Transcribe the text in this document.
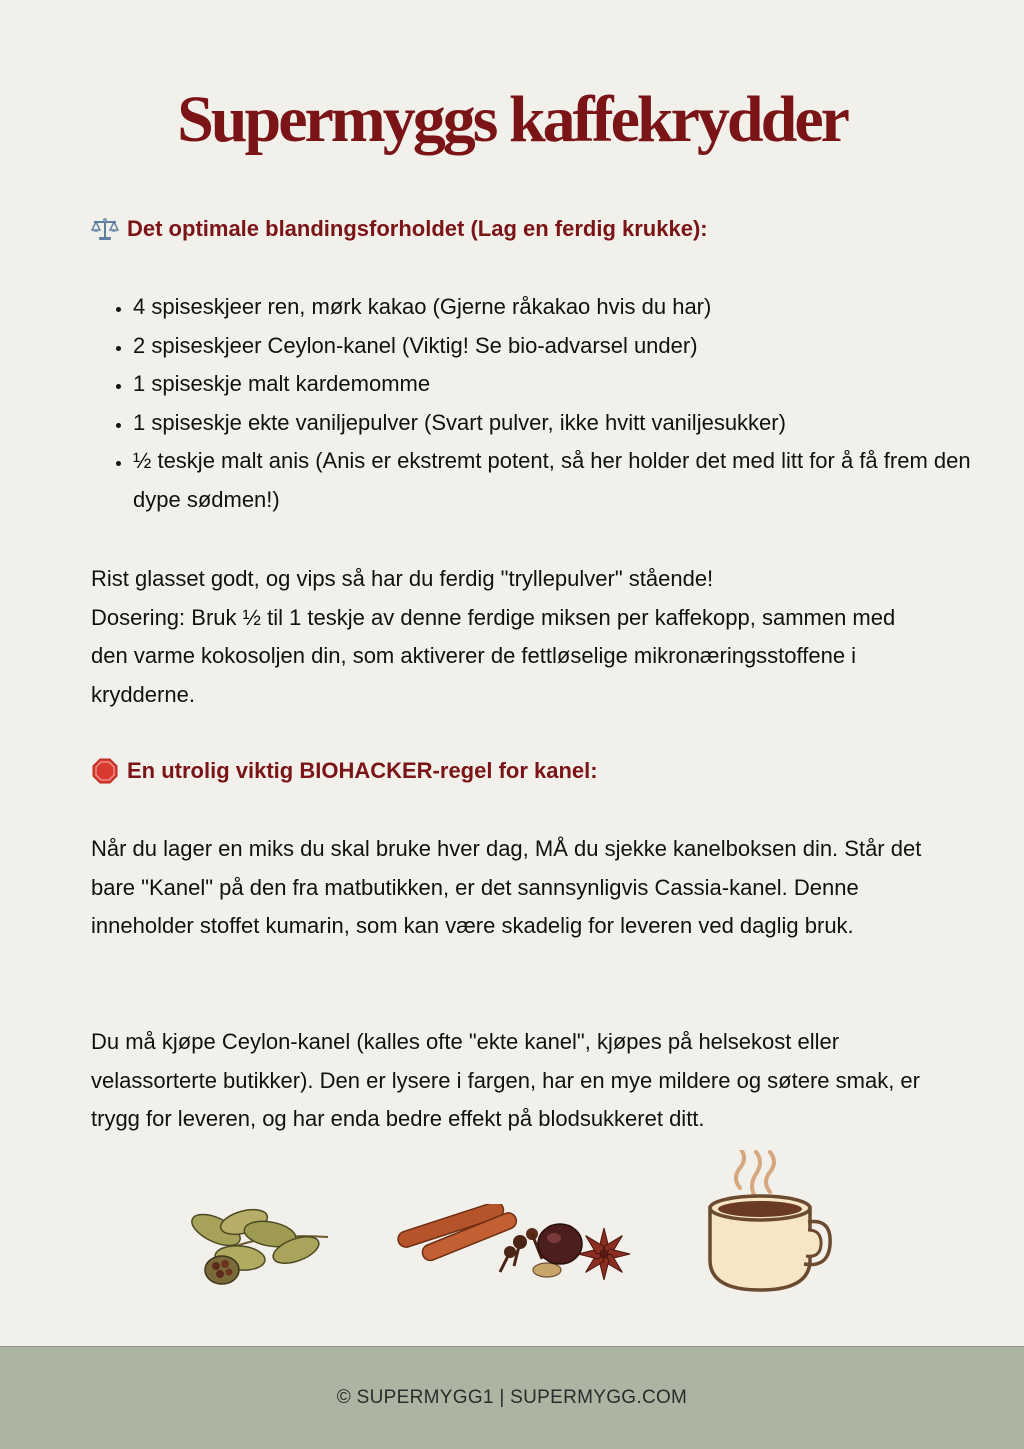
Supermyggs kaffekrydder
Det optimale blandingsforholdet (Lag en ferdig krukke):
• 4 spiseskjeer ren, mørk kakao (Gjerne råkakao hvis du har)
• 2 spiseskjeer Ceylon-kanel (Viktig! Se bio-advarsel under)
• 1 spiseskje malt kardemomme
• 1 spiseskje ekte vaniljepulver (Svart pulver, ikke hvitt vaniljesukker)
• ½ teskje malt anis (Anis er ekstremt potent, så her holder det med litt for å få frem den dype sødmen!)

Rist glasset godt, og vips så har du ferdig "tryllepulver" stående!
Dosering: Bruk ½ til 1 teskje av denne ferdige miksen per kaffekopp, sammen med den varme kokosoljen din, som aktiverer de fettløselige mikronæringsstoffene i krydderne.

En utrolig viktig BIOHACKER-regel for kanel:

Når du lager en miks du skal bruke hver dag, MÅ du sjekke kanelboksen din. Står det bare "Kanel" på den fra matbutikken, er det sannsynligvis Cassia-kanel. Denne inneholder stoffet kumarin, som kan være skadelig for leveren ved daglig bruk.

Du må kjøpe Ceylon-kanel (kalles ofte "ekte kanel", kjøpes på helsekost eller velassorterte butikker). Den er lysere i fargen, har en mye mildere og søtere smak, er trygg for leveren, og har enda bedre effekt på blodsukkeret ditt.

© SUPERMYGG1 | SUPERMYGG.COM
